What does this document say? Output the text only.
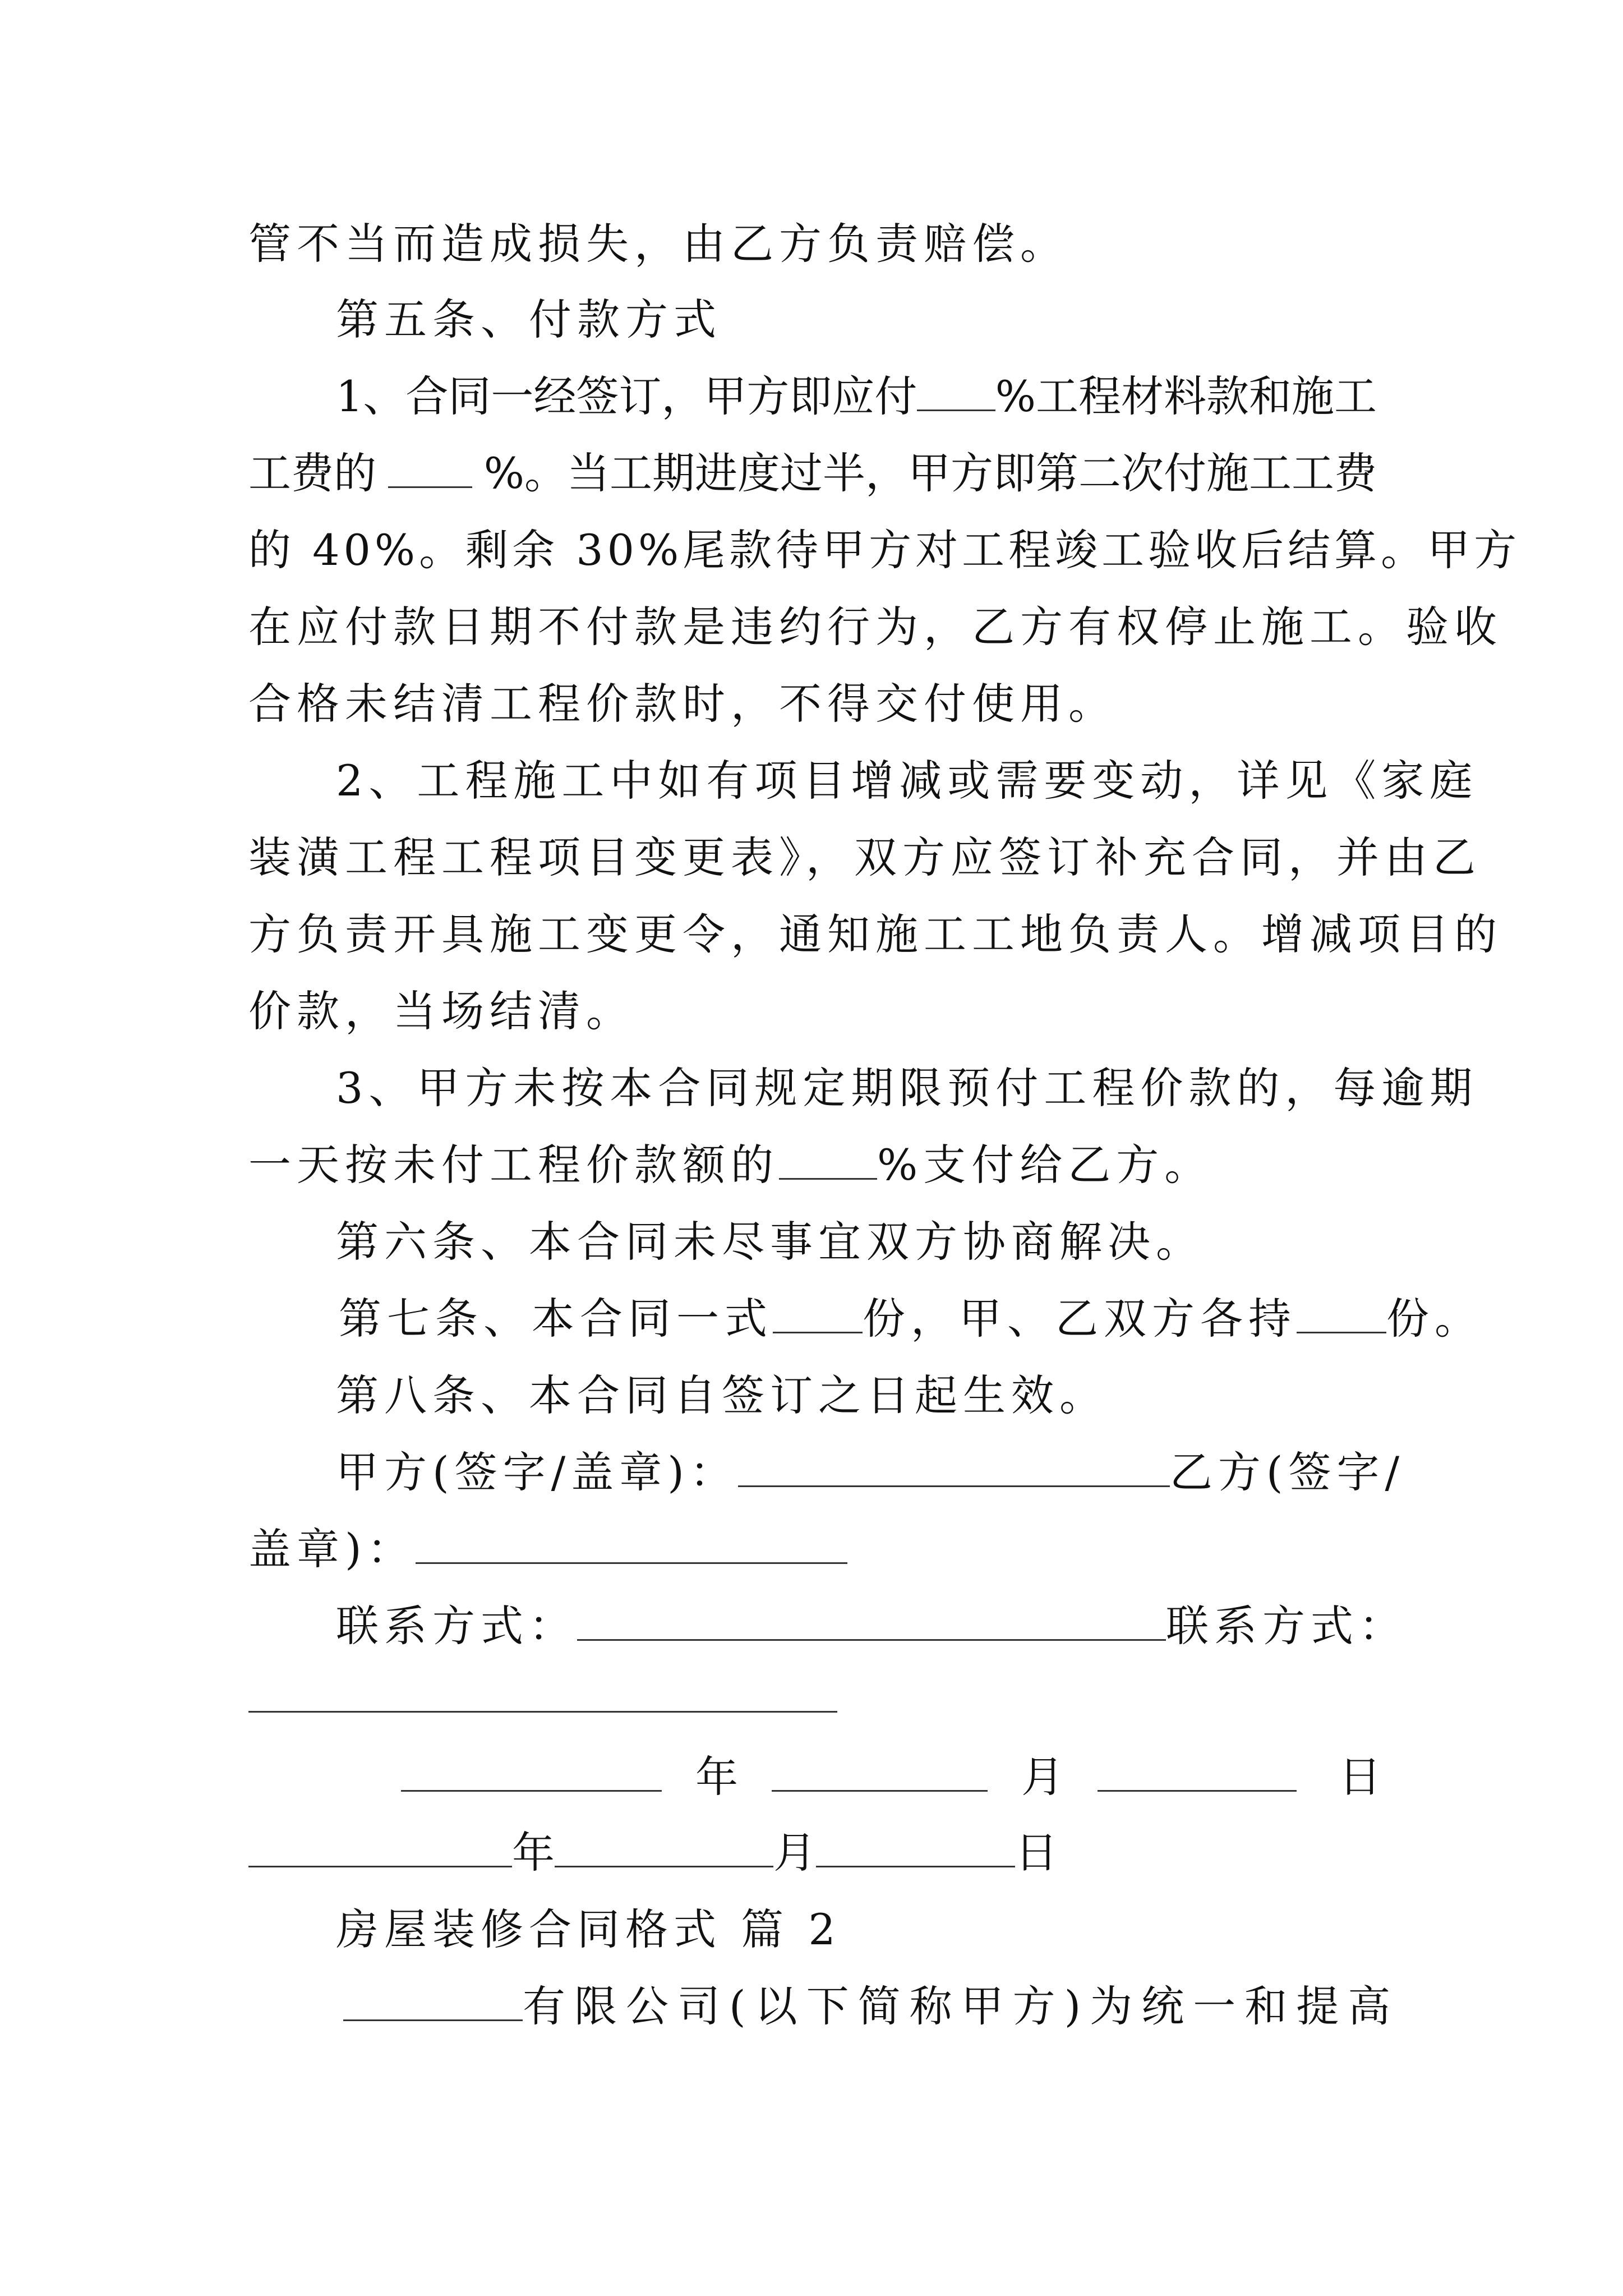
管不当而造成损失，由乙方负责赔偿。
第五条、付款方式
1、合同一经签订，甲方即应付 %工程材料款和施工
工费的	%。当工期进度过半，甲方即第二次付施工工费
的 40%。剩余 30%尾款待甲方对工程竣工验收后结算。甲方
在应付款日期不付款是违约行为，乙方有权停止施工。验收
合格未结清工程价款时，不得交付使用。
2、工程施工中如有项目增减或需要变动，详见《家庭
装潢工程工程项目变更表》，双方应签订补充合同，并由乙
方负责开具施工变更令，通知施工工地负责人。增减项目的
价款，当场结清。
3、甲方未按本合同规定期限预付工程价款的，每逾期
一天按未付工程价款额的 %支付给乙方。
第六条、本合同未尽事宜双方协商解决。
第七条、本合同一式 份，甲、乙双方各持 份。
第八条、本合同自签订之日起生效。
甲方(签字/盖章)：	乙方(签字/
盖章)：
联系方式：	联系方式：
年	月	日
年	月	日
房屋装修合同格式 篇 2
有限公司(以下简称甲方)为统一和提高
